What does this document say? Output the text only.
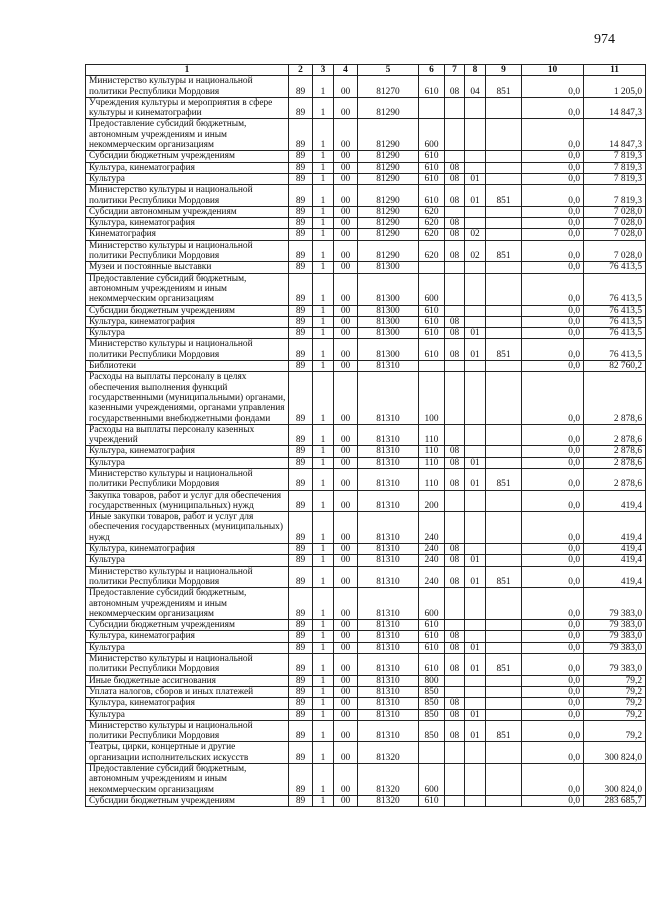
974
1	2	3	4	5	6	7	8	9	10	11
Министерство культуры и национальной политики Республики Мордовия	89	1	00	81270	610	08	04	851	0,0	1 205,0
Учреждения культуры и мероприятия в сфере культуры и кинематографии	89	1	00	81290					0,0	14 847,3
Предоставление субсидий бюджетным, автономным учреждениям и иным некоммерческим организациям	89	1	00	81290	600				0,0	14 847,3
Субсидии бюджетным учреждениям	89	1	00	81290	610				0,0	7 819,3
Культура, кинематография	89	1	00	81290	610	08			0,0	7 819,3
Культура	89	1	00	81290	610	08	01		0,0	7 819,3
Министерство культуры и национальной политики Республики Мордовия	89	1	00	81290	610	08	01	851	0,0	7 819,3
Субсидии автономным учреждениям	89	1	00	81290	620				0,0	7 028,0
Культура, кинематография	89	1	00	81290	620	08			0,0	7 028,0
Кинематография	89	1	00	81290	620	08	02		0,0	7 028,0
Министерство культуры и национальной политики Республики Мордовия	89	1	00	81290	620	08	02	851	0,0	7 028,0
Музеи и постоянные выставки	89	1	00	81300					0,0	76 413,5
Предоставление субсидий бюджетным, автономным учреждениям и иным некоммерческим организациям	89	1	00	81300	600				0,0	76 413,5
Субсидии бюджетным учреждениям	89	1	00	81300	610				0,0	76 413,5
Культура, кинематография	89	1	00	81300	610	08			0,0	76 413,5
Культура	89	1	00	81300	610	08	01		0,0	76 413,5
Министерство культуры и национальной политики Республики Мордовия	89	1	00	81300	610	08	01	851	0,0	76 413,5
Библиотеки	89	1	00	81310					0,0	82 760,2
Расходы на выплаты персоналу в целях обеспечения выполнения функций государственными (муниципальными) органами, казенными учреждениями, органами управления государственными внебюджетными фондами	89	1	00	81310	100				0,0	2 878,6
Расходы на выплаты персоналу казенных учреждений	89	1	00	81310	110				0,0	2 878,6
Культура, кинематография	89	1	00	81310	110	08			0,0	2 878,6
Культура	89	1	00	81310	110	08	01		0,0	2 878,6
Министерство культуры и национальной политики Республики Мордовия	89	1	00	81310	110	08	01	851	0,0	2 878,6
Закупка товаров, работ и услуг для обеспечения государственных (муниципальных) нужд	89	1	00	81310	200				0,0	419,4
Иные закупки товаров, работ и услуг для обеспечения государственных (муниципальных) нужд	89	1	00	81310	240				0,0	419,4
Культура, кинематография	89	1	00	81310	240	08			0,0	419,4
Культура	89	1	00	81310	240	08	01		0,0	419,4
Министерство культуры и национальной политики Республики Мордовия	89	1	00	81310	240	08	01	851	0,0	419,4
Предоставление субсидий бюджетным, автономным учреждениям и иным некоммерческим организациям	89	1	00	81310	600				0,0	79 383,0
Субсидии бюджетным учреждениям	89	1	00	81310	610				0,0	79 383,0
Культура, кинематография	89	1	00	81310	610	08			0,0	79 383,0
Культура	89	1	00	81310	610	08	01		0,0	79 383,0
Министерство культуры и национальной политики Республики Мордовия	89	1	00	81310	610	08	01	851	0,0	79 383,0
Иные бюджетные ассигнования	89	1	00	81310	800				0,0	79,2
Уплата налогов, сборов и иных платежей	89	1	00	81310	850				0,0	79,2
Культура, кинематография	89	1	00	81310	850	08			0,0	79,2
Культура	89	1	00	81310	850	08	01		0,0	79,2
Министерство культуры и национальной политики Республики Мордовия	89	1	00	81310	850	08	01	851	0,0	79,2
Театры, цирки, концертные и другие организации исполнительских искусств	89	1	00	81320					0,0	300 824,0
Предоставление субсидий бюджетным, автономным учреждениям и иным некоммерческим организациям	89	1	00	81320	600				0,0	300 824,0
Субсидии бюджетным учреждениям	89	1	00	81320	610				0,0	283 685,7
